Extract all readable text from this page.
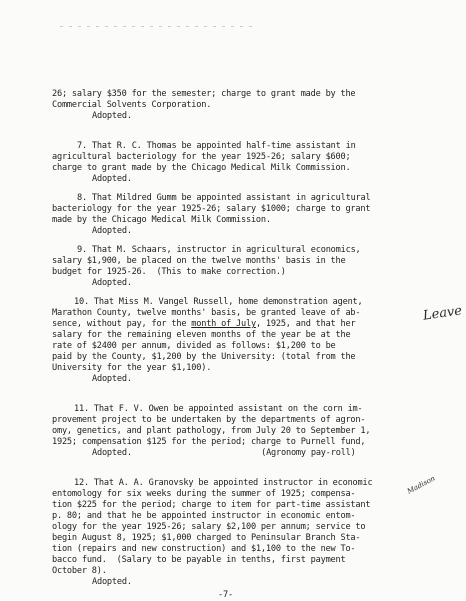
26; salary $350 for the semester; charge to grant made by the
Commercial Solvents Corporation.
Adopted.
7. That R. C. Thomas be appointed half-time assistant in
agricultural bacteriology for the year 1925-26; salary $600;
charge to grant made by the Chicago Medical Milk Commission.
Adopted.
8. That Mildred Gumm be appointed assistant in agricultural
bacteriology for the year 1925-26; salary $1000; charge to grant
made by the Chicago Medical Milk Commission.
Adopted.
9. That M. Schaars, instructor in agricultural economics,
salary $1,900, be placed on the twelve months' basis in the
budget for 1925-26.  (This to make correction.)
Adopted.
10. That Miss M. Vangel Russell, home demonstration agent,
Marathon County, twelve months' basis, be granted leave of ab-
sence, without pay, for the month of July, 1925, and that her
salary for the remaining eleven months of the year be at the
rate of $2400 per annum, divided as follows: $1,200 to be
paid by the County, $1,200 by the University: (total from the
University for the year $1,100).
Adopted.
11. That F. V. Owen be appointed assistant on the corn im-
provement project to be undertaken by the departments of agron-
omy, genetics, and plant pathology, from July 20 to September 1,
1925; compensation $125 for the period; charge to Purnell fund,
Adopted.                          (Agronomy pay-roll)
12. That A. A. Granovsky be appointed instructor in economic
entomology for six weeks during the summer of 1925; compensa-
tion $225 for the period; charge to item for part-time assistant
p. 80; and that he be appointed instructor in economic entom-
ology for the year 1925-26; salary $2,100 per annum; service to
begin August 8, 1925; $1,000 charged to Peninsular Branch Sta-
tion (repairs and new construction) and $1,100 to the new To-
bacco fund.  (Salary to be payable in tenths, first payment
October 8).
Adopted.
-7-
Leave
Madison
